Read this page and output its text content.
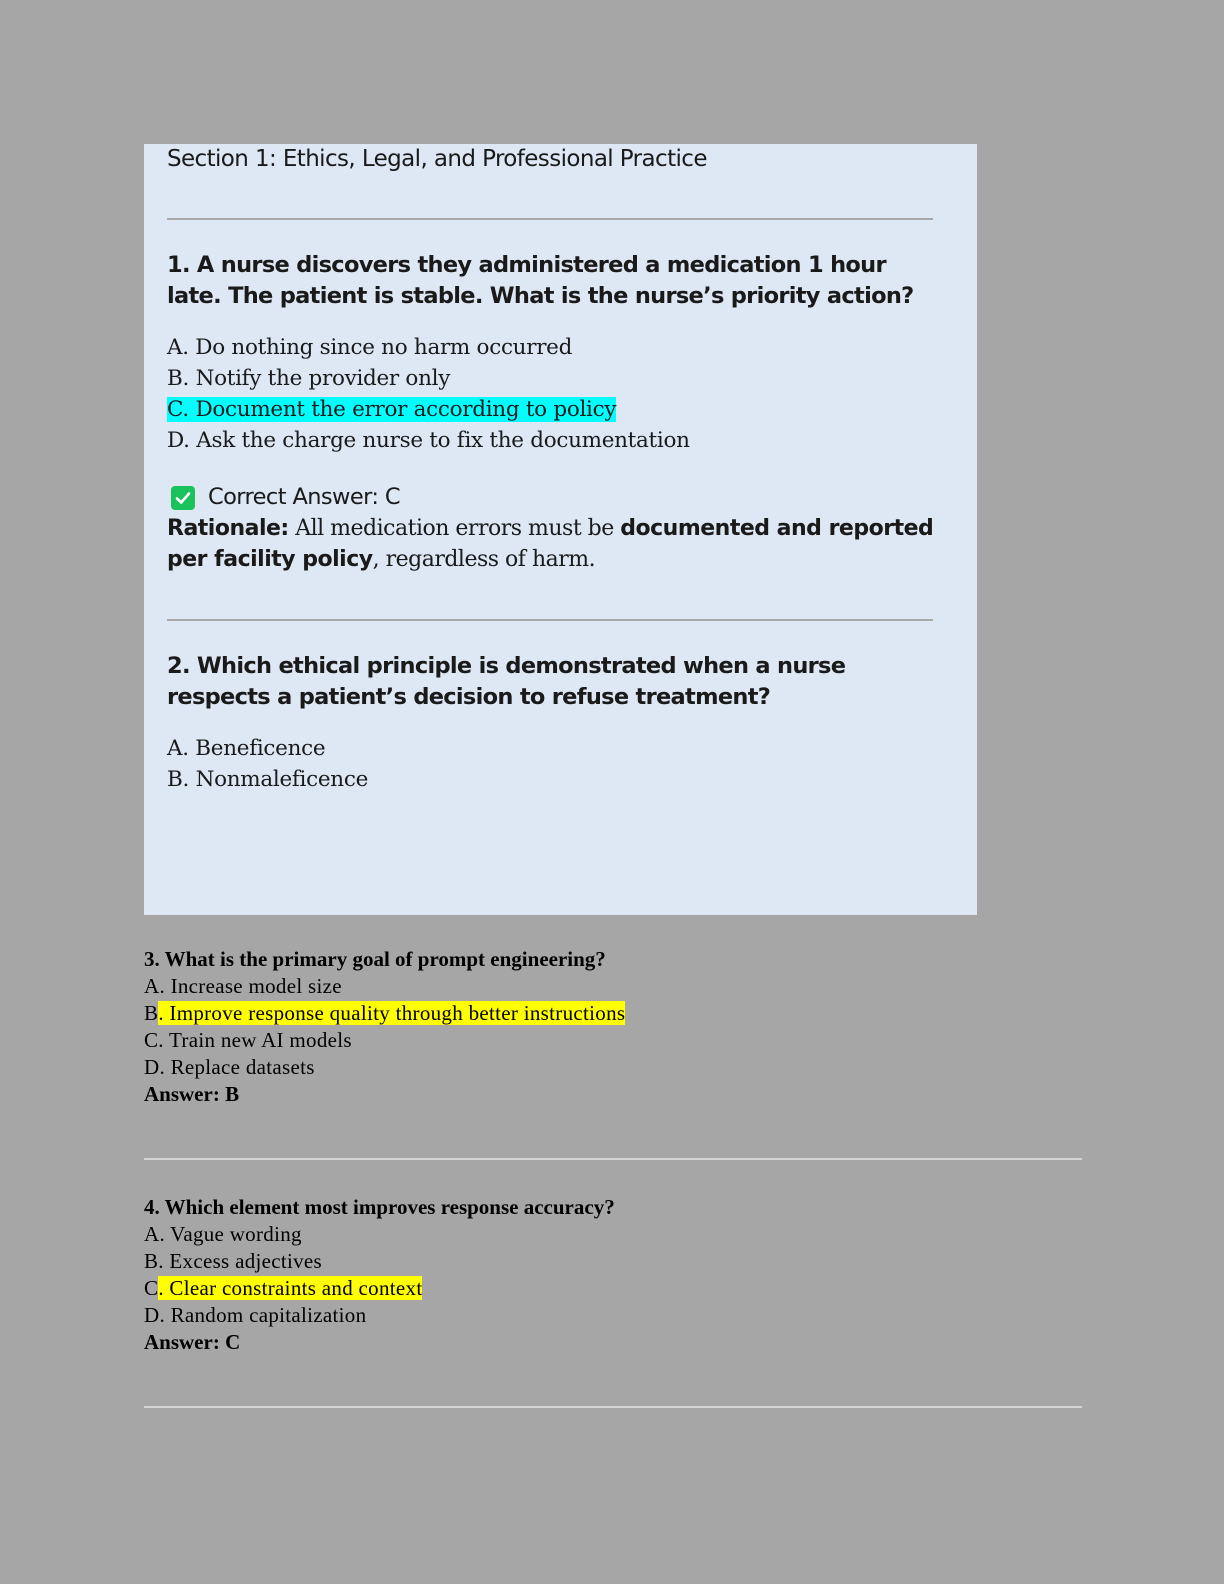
Section 1: Ethics, Legal, and Professional Practice

1. A nurse discovers they administered a medication 1 hour late. The patient is stable. What is the nurse’s priority action?

A. Do nothing since no harm occurred
B. Notify the provider only
C. Document the error according to policy
D. Ask the charge nurse to fix the documentation
Correct Answer: C

Rationale: All medication errors must be documented and reported per facility policy, regardless of harm.

2. Which ethical principle is demonstrated when a nurse respects a patient’s decision to refuse treatment?

A. Beneficence
B. Nonmaleficence

3. What is the primary goal of prompt engineering?

A. Increase model size
B. Improve response quality through better instructions
C. Train new AI models
D. Replace datasets
Answer: B

4. Which element most improves response accuracy?

A. Vague wording
B. Excess adjectives
C. Clear constraints and context
D. Random capitalization
Answer: C
